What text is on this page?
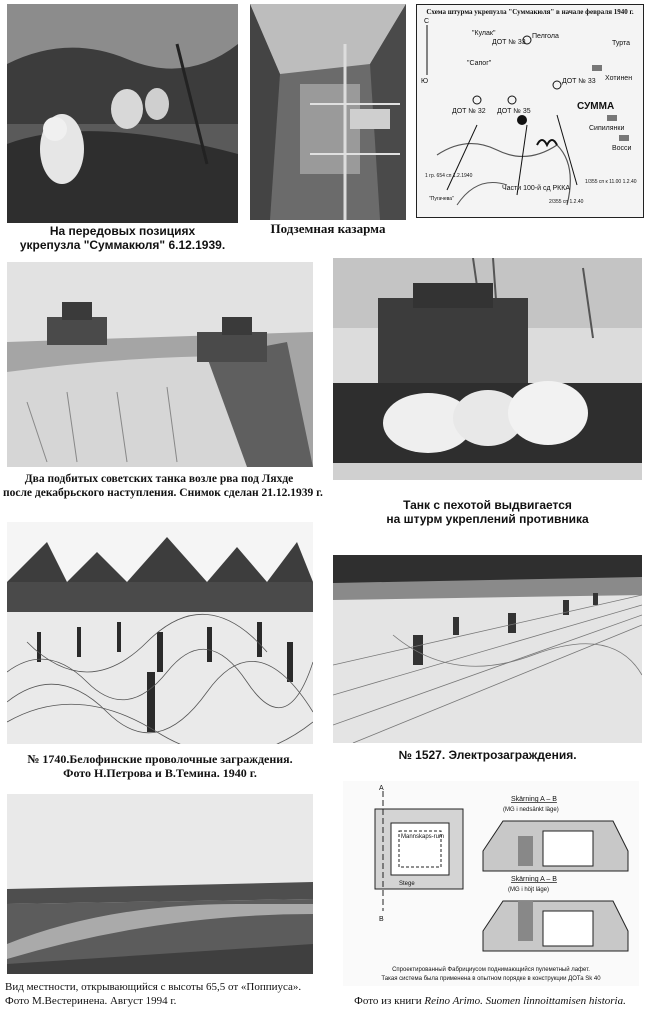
На передовых позициях
укрепузла "Суммакюля" 6.12.1939.
Подземная казарма
Схема штурма укрепузла "Суммакюля" в начале февраля 1940 г.
С
Ю
Пелгола
ДОТ № 33
"Кулак"
"Сапог"
ДОТ № 33
ДОТ № 32 ДОТ № 35	СУММА
Турта
Хотинен
Сипилянки
Восси
Части 100-й сд РККА
1 гр. 654 сп 1.2.1940
2/355 сп 1.2.40
1/355 сп к 11.00 1.2.40
"Пугачева"
Два подбитых советских танка возле рва под Ляхде
после декабрьского наступления. Снимок сделан 21.12.1939 г.
Танк с пехотой выдвигается
на штурм укреплений противника
№ 1740.Белофинские проволочные заграждения.
Фото Н.Петрова и В.Темина. 1940 г.
№ 1527. Электрозаграждения.
Вид местности, открывающийся с высоты 65,5 от «Поппиуса».
Фото М.Вестеринена. Август 1994 г.
A
B
Mannskaps-rum
Stege
Skärning A – B
(MG i nedsänkt läge)
Skärning A – B
(MG i höjt läge)
Спроектированный Фабрициусом поднимающийся пулеметный лафет.
Такая система была применена в опытном порядке в конструкции ДОТа Sk 40
Фото из книги Reino Arimo. Suomen linnoittamisen historia.
